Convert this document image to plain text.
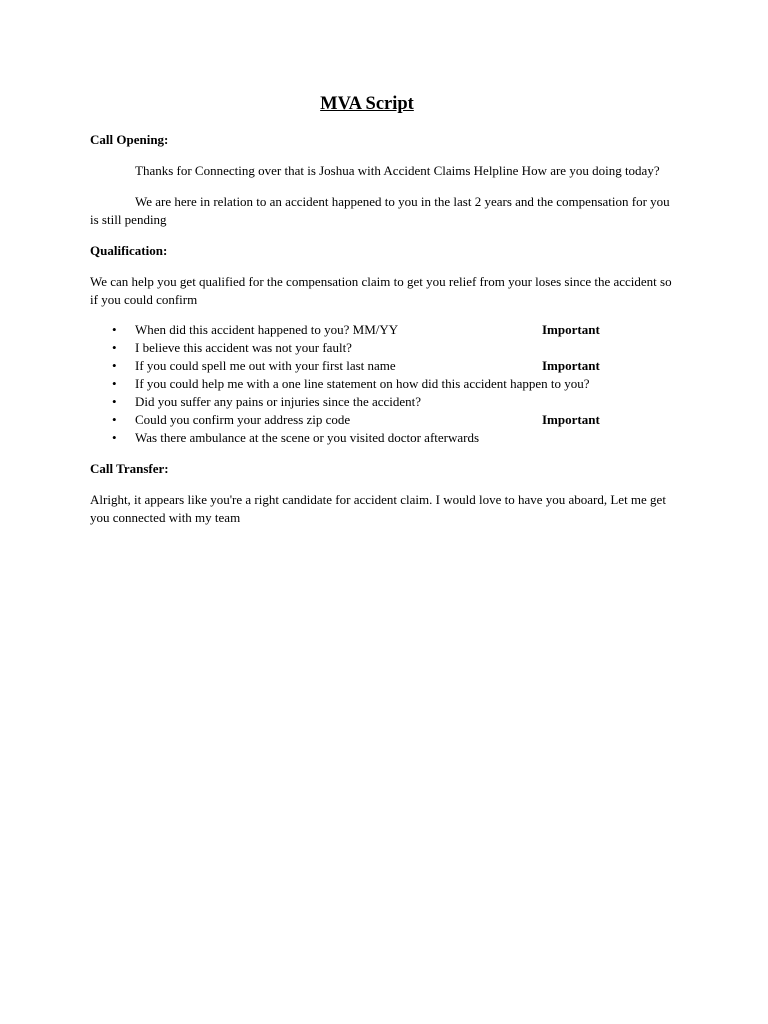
MVA Script
Call Opening:
Thanks for Connecting over that is Joshua with Accident Claims Helpline How are you doing today?
We are here in relation to an accident happened to you in the last 2 years and the compensation for you is still pending
Qualification:
We can help you get qualified for the compensation claim to get you relief from your loses since the accident so if you could confirm
• When did this accident happened to you? MM/YY	Important
• I believe this accident was not your fault?
• If you could spell me out with your first last name	Important
• If you could help me with a one line statement on how did this accident happen to you?
• Did you suffer any pains or injuries since the accident?
• Could you confirm your address zip code	Important
• Was there ambulance at the scene or you visited doctor afterwards
Call Transfer:
Alright, it appears like you're a right candidate for accident claim. I would love to have you aboard, Let me get you connected with my team
